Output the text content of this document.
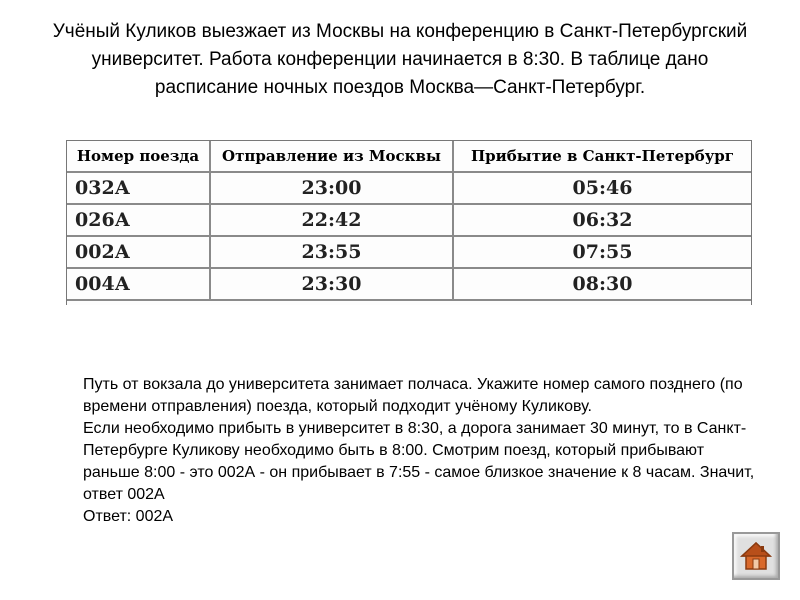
Учёный Куликов выезжает из Москвы на конференцию в Санкт-Петербургский университет. Работа конференции начинается в 8:30. В таблице дано расписание ночных поездов Москва—Санкт-Петербург.
Номер поезда	Отправление из Москвы	Прибытие в Санкт-Петербург
032А	23:00	05:46
026А	22:42	06:32
002А	23:55	07:55
004А	23:30	08:30
Путь от вокзала до университета занимает полчаса. Укажите номер самого позднего (по времени отправления) поезда, который подходит учёному Куликову.
Если необходимо прибыть в университет в 8:30, а дорога занимает 30 минут, то в Санкт-Петербурге Куликову необходимо быть в 8:00. Смотрим поезд, который прибывают раньше 8:00 - это 002А - он прибывает в 7:55 - самое близкое значение к 8 часам. Значит, ответ 002А
Ответ: 002А
